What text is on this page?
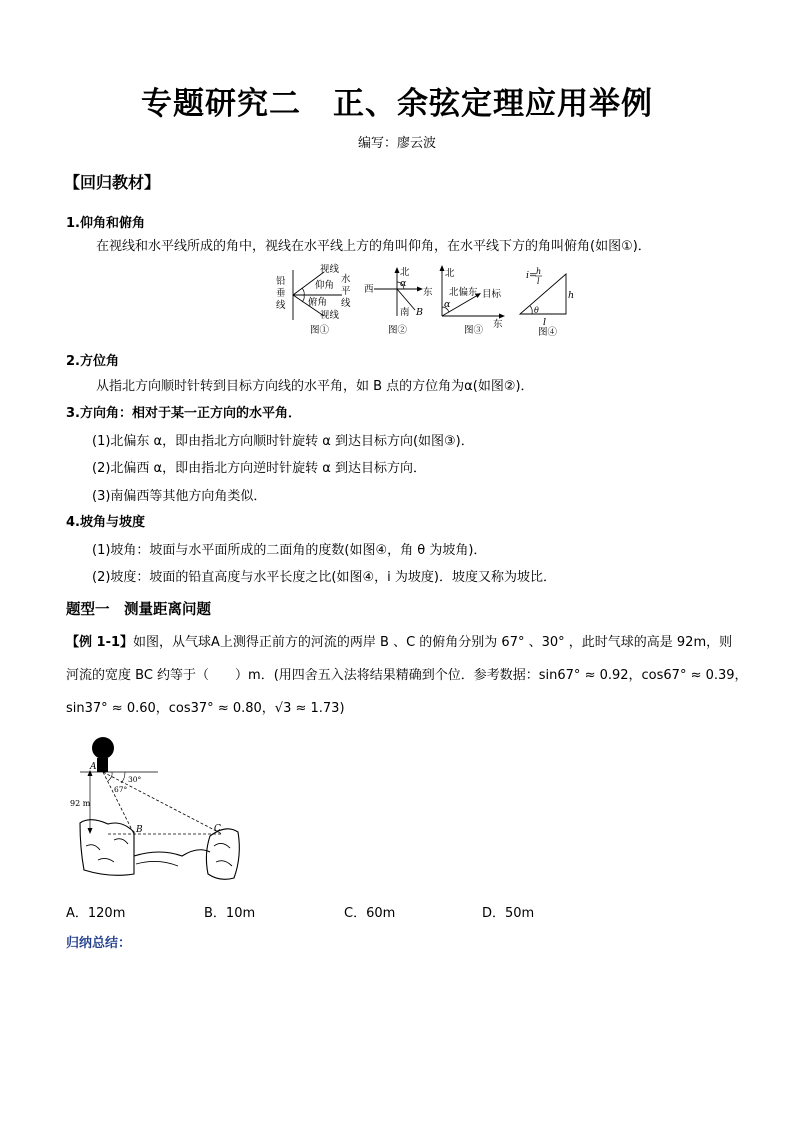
专题研究二　正、余弦定理应用举例
编写：廖云波
【回归教材】
1.仰角和俯角
在视线和水平线所成的角中，视线在水平线上方的角叫仰角，在水平线下方的角叫俯角(如图①)．
铅
垂
线
视线
仰角
俯角
视线
水
平
线
图①
北
南
东
西
α
B
图②
北
北偏东 目标
东
α
图③
i= h
l
h
θ
l
图④
2.方位角
从指北方向顺时针转到目标方向线的水平角，如 B 点的方位角为α(如图②)．
3.方向角：相对于某一正方向的水平角．
(1)北偏东 α，即由指北方向顺时针旋转 α 到达目标方向(如图③)．
(2)北偏西 α，即由指北方向逆时针旋转 α 到达目标方向．
(3)南偏西等其他方向角类似．
4.坡角与坡度
(1)坡角：坡面与水平面所成的二面角的度数(如图④，角 θ 为坡角)．
(2)坡度：坡面的铅直高度与水平长度之比(如图④，i 为坡度)．坡度又称为坡比．
题型一　测量距离问题
【例 1-1】如图，从气球A上测得正前方的河流的两岸 B 、C 的俯角分别为 67° 、30° ，此时气球的高是 92m，则
河流的宽度 BC 约等于（　　）m．(用四舍五入法将结果精确到个位．参考数据：sin67° ≈ 0.92，cos67° ≈ 0.39，
sin37° ≈ 0.60，cos37° ≈ 0.80，√3 ≈ 1.73)
A
B	C
92 m
30°
67°
A．120m	B．10m	C．60m	D．50m
归纳总结：
